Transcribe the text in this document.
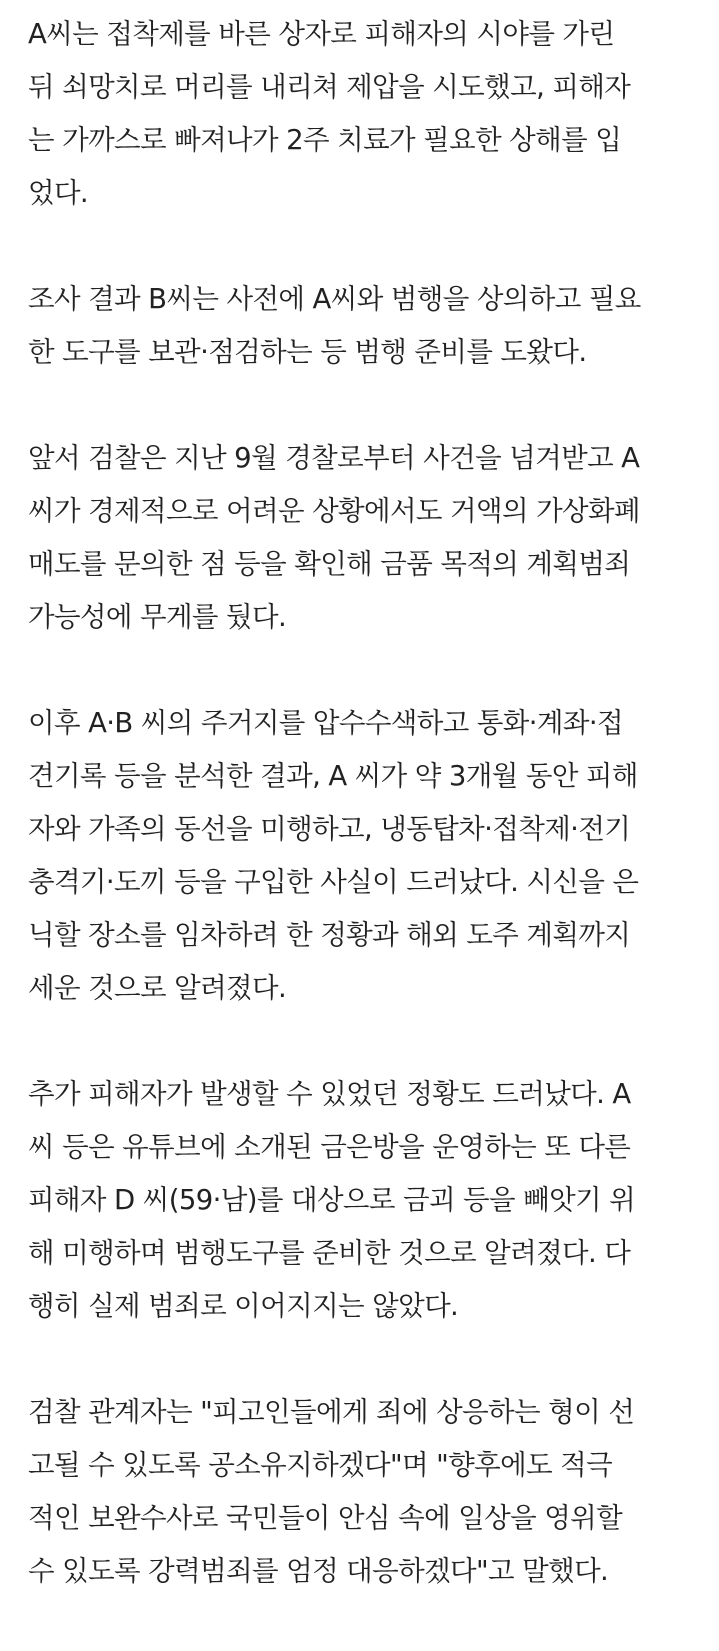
A씨는 접착제를 바른 상자로 피해자의 시야를 가린
뒤 쇠망치로 머리를 내리쳐 제압을 시도했고, 피해자
는 가까스로 빠져나가 2주 치료가 필요한 상해를 입
었다.

조사 결과 B씨는 사전에 A씨와 범행을 상의하고 필요
한 도구를 보관·점검하는 등 범행 준비를 도왔다.

앞서 검찰은 지난 9월 경찰로부터 사건을 넘겨받고 A
씨가 경제적으로 어려운 상황에서도 거액의 가상화폐
매도를 문의한 점 등을 확인해 금품 목적의 계획범죄
가능성에 무게를 뒀다.

이후 A·B 씨의 주거지를 압수수색하고 통화·계좌·접
견기록 등을 분석한 결과, A 씨가 약 3개월 동안 피해
자와 가족의 동선을 미행하고, 냉동탑차·접착제·전기
충격기·도끼 등을 구입한 사실이 드러났다. 시신을 은
닉할 장소를 임차하려 한 정황과 해외 도주 계획까지
세운 것으로 알려졌다.

추가 피해자가 발생할 수 있었던 정황도 드러났다. A
씨 등은 유튜브에 소개된 금은방을 운영하는 또 다른
피해자 D 씨(59·남)를 대상으로 금괴 등을 빼앗기 위
해 미행하며 범행도구를 준비한 것으로 알려졌다. 다
행히 실제 범죄로 이어지지는 않았다.

검찰 관계자는 "피고인들에게 죄에 상응하는 형이 선
고될 수 있도록 공소유지하겠다"며 "향후에도 적극
적인 보완수사로 국민들이 안심 속에 일상을 영위할
수 있도록 강력범죄를 엄정 대응하겠다"고 말했다.
